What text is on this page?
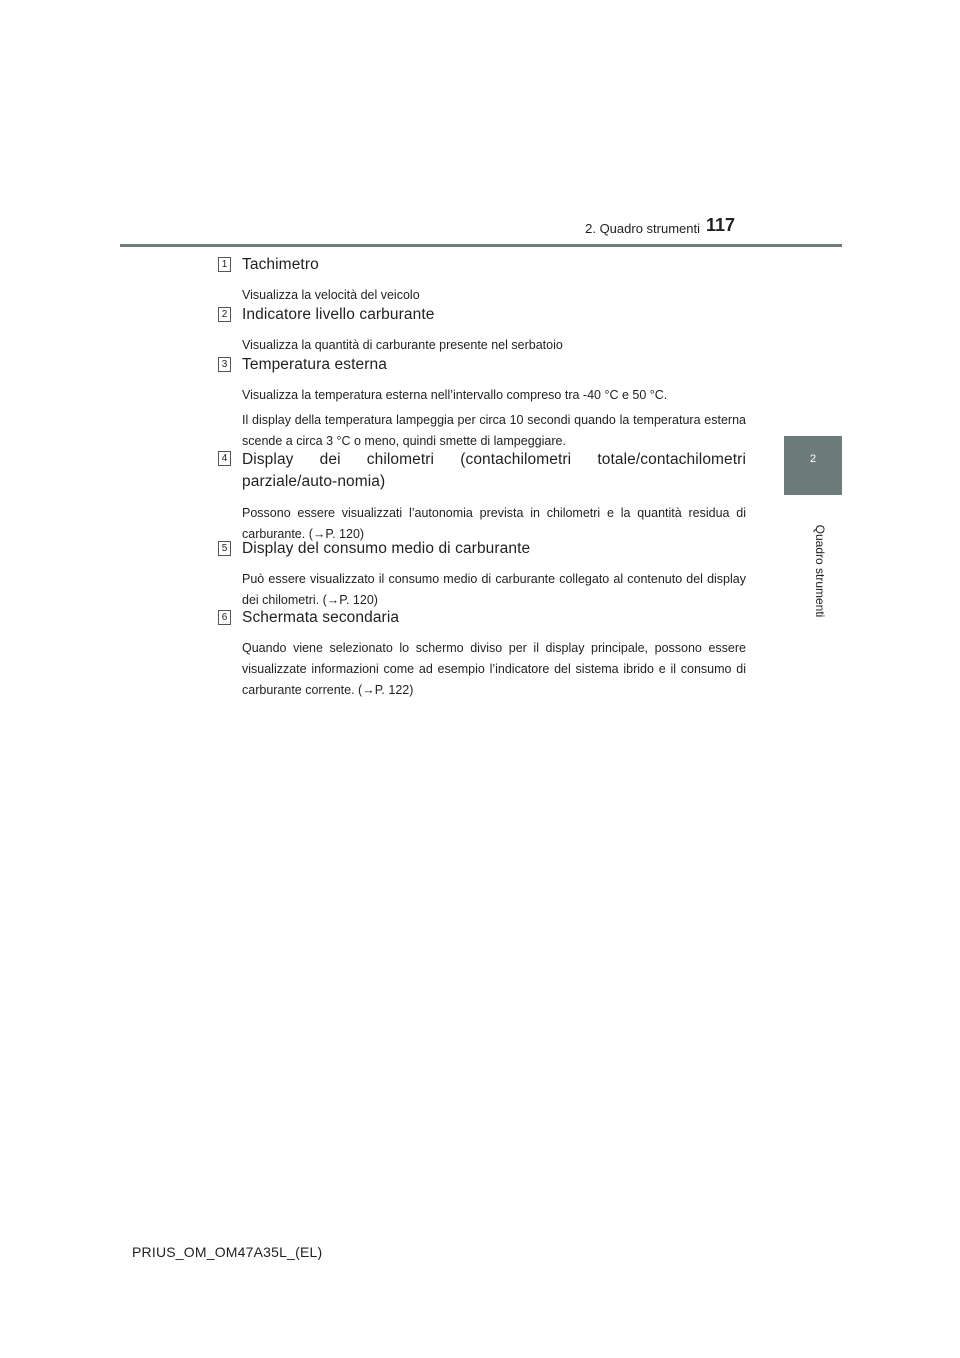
2. Quadro strumenti 117
2
Quadro strumenti
1 Tachimetro

Visualizza la velocità del veicolo

2 Indicatore livello carburante

Visualizza la quantità di carburante presente nel serbatoio

3 Temperatura esterna

Visualizza la temperatura esterna nell’intervallo compreso tra -40 °C e 50 °C.

Il display della temperatura lampeggia per circa 10 secondi quando la temperatura esterna scende a circa 3 °C o meno, quindi smette di lampeggiare.

4 Display dei chilometri (contachilometri totale/contachilometri parziale/auto-nomia)

Possono essere visualizzati l’autonomia prevista in chilometri e la quantità residua di carburante. (→P. 120)

5 Display del consumo medio di carburante

Può essere visualizzato il consumo medio di carburante collegato al contenuto del display dei chilometri. (→P. 120)

6 Schermata secondaria

Quando viene selezionato lo schermo diviso per il display principale, possono essere visualizzate informazioni come ad esempio l’indicatore del sistema ibrido e il consumo di carburante corrente. (→P. 122)

PRIUS_OM_OM47A35L_(EL)
